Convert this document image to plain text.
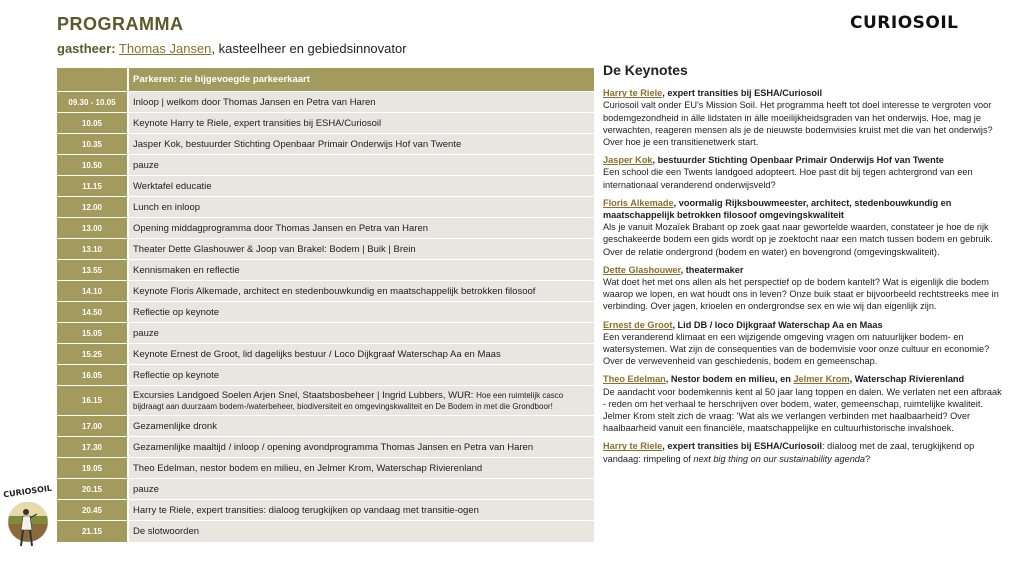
PROGRAMMA
gastheer: Thomas Jansen, kasteelheer en gebiedsinnovator
CURIOSOIL
	Parkeren: zie bijgevoegde parkeerkaart
09.30 - 10.05	Inloop | welkom door Thomas Jansen en Petra van Haren
10.05	Keynote Harry te Riele, expert transities bij ESHA/Curiosoil
10.35	Jasper Kok, bestuurder Stichting Openbaar Primair Onderwijs Hof van Twente
10.50	pauze
11.15	Werktafel educatie
12.00	Lunch en inloop
13.00	Opening middagprogramma door Thomas Jansen en Petra van Haren
13.10	Theater Dette Glashouwer & Joop van Brakel: Bodem | Buik | Brein
13.55	Kennismaken en reflectie
14.10	Keynote Floris Alkemade, architect en stedenbouwkundig en maatschappelijk betrokken filosoof
14.50	Reflectie op keynote
15.05	pauze
15.25	Keynote Ernest de Groot, lid dagelijks bestuur / Loco Dijkgraaf Waterschap Aa en Maas
16.05	Reflectie op keynote
16.15	Excursies Landgoed Soelen Arjen Snel, Staatsbosbeheer | Ingrid Lubbers, WUR: Hoe een ruimtelijk casco bijdraagt aan duurzaam bodem-/waterbeheer, biodiversiteit en omgevingskwaliteit en De Bodem in met die Grondboor!
17.00	Gezamenlijke dronk
17.30	Gezamenlijke maaltijd / inloop / opening avondprogramma Thomas Jansen en Petra van Haren
19.05	Theo Edelman, nestor bodem en milieu, en Jelmer Krom, Waterschap Rivierenland
20.15	pauze
20.45	Harry te Riele, expert transities: dialoog terugkijken op vandaag met transitie-ogen
21.15	De slotwoorden
De Keynotes
Harry te Riele, expert transities bij ESHA/Curiosoil
Curiosoil valt onder EU's Mission Soil. Het programma heeft tot doel interesse te vergroten voor bodemgezondheid in álle lidstaten in álle moeilijkheidsgraden van het onderwijs. Hoe, mag je verwachten, reageren mensen als je de nieuwste bodemvisies kruist met die van het onderwijs? Over hoe je een transitienetwerk start.
Jasper Kok, bestuurder Stichting Openbaar Primair Onderwijs Hof van Twente
Een school die een Twents landgoed adopteert. Hoe past dit bij tegen achtergrond van een internationaal veranderend onderwijsveld?
Floris Alkemade, voormalig Rijksbouwmeester, architect, stedenbouwkundig en maatschappelijk betrokken filosoof omgevingskwaliteit
Als je vanuit Mozaïek Brabant op zoek gaat naar gewortelde waarden, constateer je hoe de rijk geschakeerde bodem een gids wordt op je zoektocht naar een match tussen bodem en gebruik. Over de relatie ondergrond (bodem en water) en bovengrond (omgevingskwaliteit).
Dette Glashouwer, theatermaker
Wat doet het met ons allen als het perspectief op de bodem kantelt? Wat is eigenlijk die bodem waarop we lopen, en wat houdt ons in leven? Onze buik staat er bijvoorbeeld rechtstreeks mee in verbinding. Over jagen, krioelen en ondergrondse sex en wie wij dan eigenlijk zijn.
Ernest de Groot, Lid DB / loco Dijkgraaf Waterschap Aa en Maas
Een veranderend klimaat en een wijzigende omgeving vragen om natuurlijker bodem- en watersystemen. Wat zijn de consequenties van de bodemvisie voor onze cultuur en economie? Over de verwevenheid van geschiedenis, bodem en gemeenschap.
Theo Edelman, Nestor bodem en milieu, en Jelmer Krom, Waterschap Rivierenland
De aandacht voor bodemkennis kent al 50 jaar lang toppen en dalen. We verlaten net een afbraak - reden om het verhaal te herschrijven over bodem, water, gemeenschap, ruimtelijke kwaliteit. Jelmer Krom stelt zich de vraag: 'Wat als we verlangen verbinden met haalbaarheid? Over haalbaarheid vanuit een financiële, maatschappelijke en cultuurhistorische invalshoek.
Harry te Riele, expert transities bij ESHA/Curiosoil: dialoog met de zaal, terugkijkend op vandaag: rimpeling of next big thing on our sustainability agenda?
CURIOSOIL
